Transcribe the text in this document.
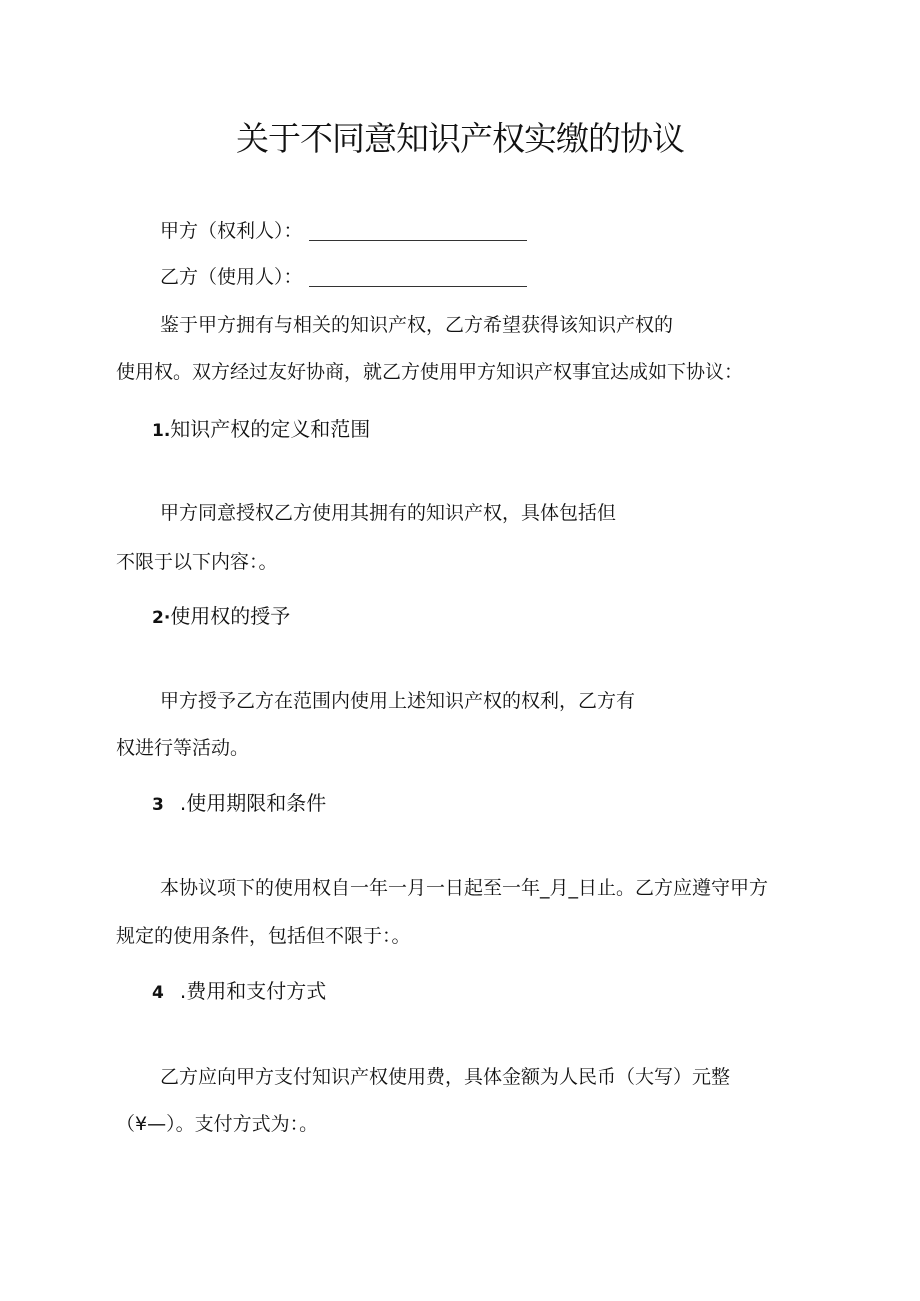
关于不同意知识产权实缴的协议
甲方（权利人）：
乙方（使用人）：

鉴于甲方拥有与相关的知识产权，乙方希望获得该知识产权的

使用权。双方经过友好协商，就乙方使用甲方知识产权事宜达成如下协议：

1.知识产权的定义和范围

甲方同意授权乙方使用其拥有的知识产权，具体包括但

不限于以下内容：。

2·使用权的授予

甲方授予乙方在范围内使用上述知识产权的权利，乙方有

权进行等活动。

3 .使用期限和条件

本协议项下的使用权自一年一月一日起至一年_月_日止。乙方应遵守甲方

规定的使用条件，包括但不限于：。

4 .费用和支付方式

乙方应向甲方支付知识产权使用费，具体金额为人民币（大写）元整

（¥—）。支付方式为：。
